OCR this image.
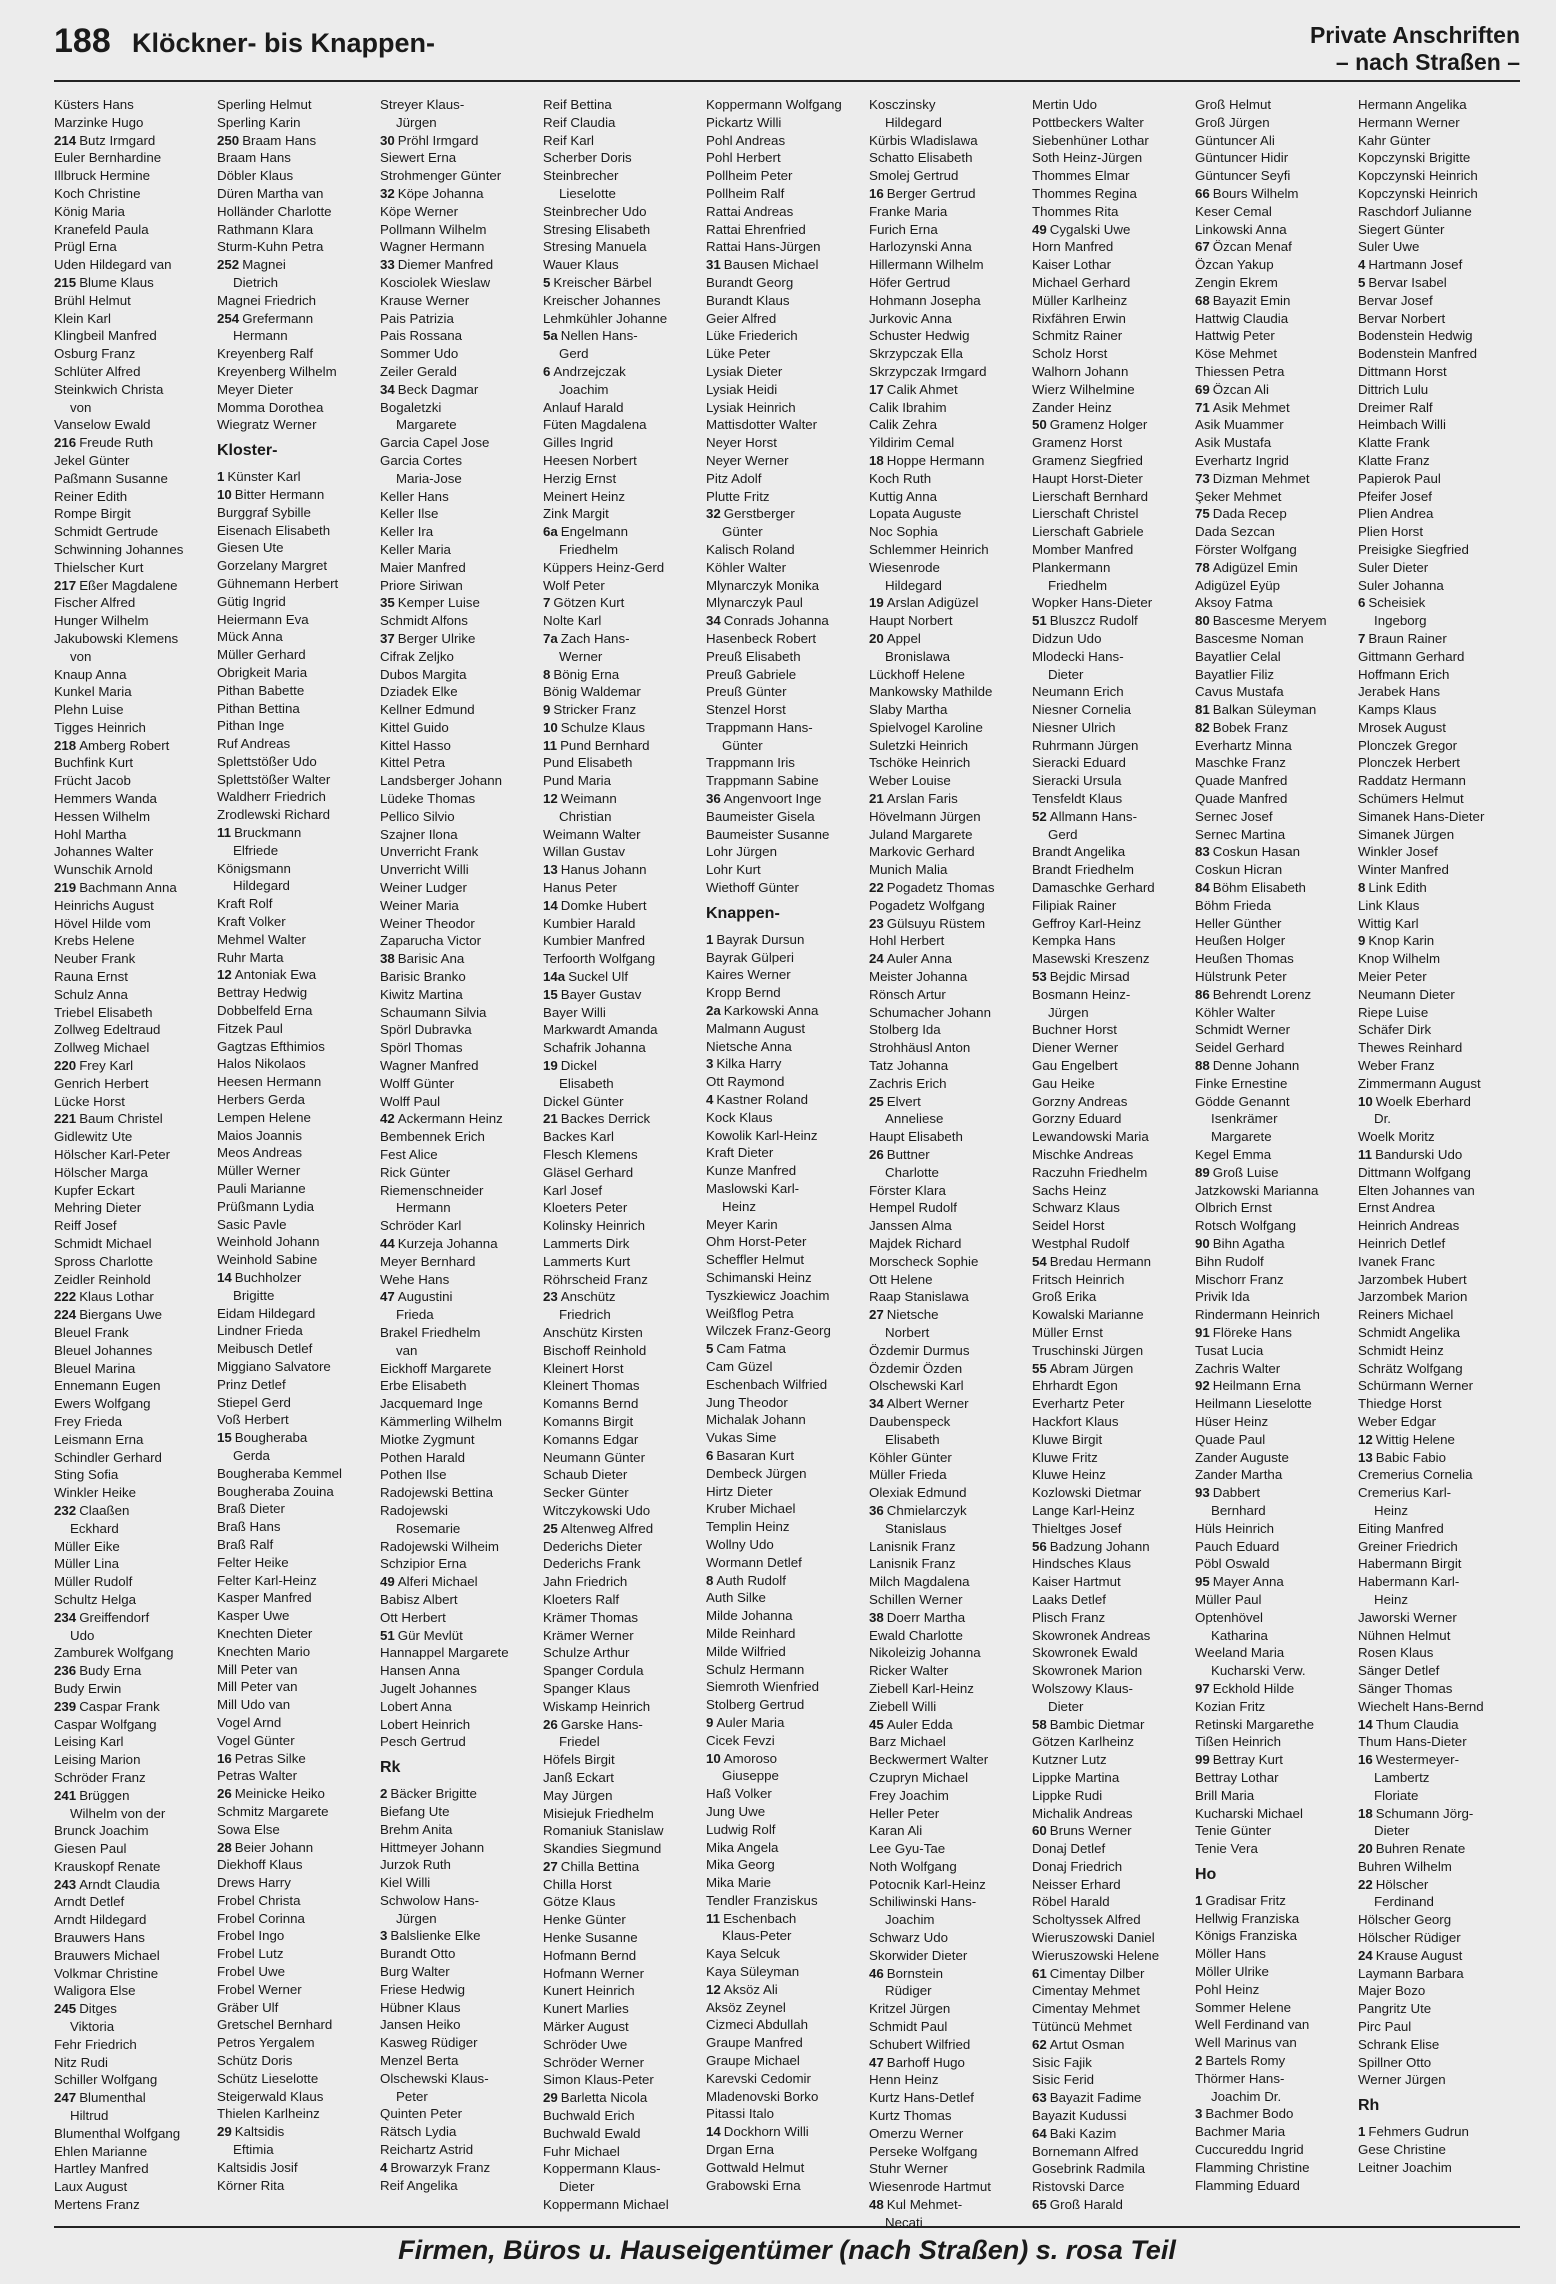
188 Klöckner- bis Knappen-	Private Anschriften
– nach Straßen –
Küsters Hans
Marzinke Hugo
214 Butz Irmgard
Euler Bernhardine
Illbruck Hermine
Koch Christine
König Maria
Kranefeld Paula
Prügl Erna
Uden Hildegard van
215 Blume Klaus
Brühl Helmut
Klein Karl
Klingbeil Manfred
Osburg Franz
Schlüter Alfred
Steinkwich Christa
von
Vanselow Ewald
216 Freude Ruth
Jekel Günter
Paßmann Susanne
Reiner Edith
Rompe Birgit
Schmidt Gertrude
Schwinning Johannes
Thielscher Kurt
217 Eßer Magdalene
Fischer Alfred
Hunger Wilhelm
Jakubowski Klemens
von
Knaup Anna
Kunkel Maria
Plehn Luise
Tigges Heinrich
218 Amberg Robert
Buchfink Kurt
Frücht Jacob
Hemmers Wanda
Hessen Wilhelm
Hohl Martha
Johannes Walter
Wunschik Arnold
219 Bachmann Anna
Heinrichs August
Hövel Hilde vom
Krebs Helene
Neuber Frank
Rauna Ernst
Schulz Anna
Triebel Elisabeth
Zollweg Edeltraud
Zollweg Michael
220 Frey Karl
Genrich Herbert
Lücke Horst
221 Baum Christel
Gidlewitz Ute
Hölscher Karl-Peter
Hölscher Marga
Kupfer Eckart
Mehring Dieter
Reiff Josef
Schmidt Michael
Spross Charlotte
Zeidler Reinhold
222 Klaus Lothar
224 Biergans Uwe
Bleuel Frank
Bleuel Johannes
Bleuel Marina
Ennemann Eugen
Ewers Wolfgang
Frey Frieda
Leismann Erna
Schindler Gerhard
Sting Sofia
Winkler Heike
232 Claaßen
Eckhard
Müller Eike
Müller Lina
Müller Rudolf
Schultz Helga
234 Greiffendorf
Udo
Zamburek Wolfgang
236 Budy Erna
Budy Erwin
239 Caspar Frank
Caspar Wolfgang
Leising Karl
Leising Marion
Schröder Franz
241 Brüggen
Wilhelm von der
Brunck Joachim
Giesen Paul
Krauskopf Renate
243 Arndt Claudia
Arndt Detlef
Arndt Hildegard
Brauwers Hans
Brauwers Michael
Volkmar Christine
Waligora Else
245 Ditges
Viktoria
Fehr Friedrich
Nitz Rudi
Schiller Wolfgang
247 Blumenthal
Hiltrud
Blumenthal Wolfgang
Ehlen Marianne
Hartley Manfred
Laux August
Mertens Franz
Sperling Helmut
Sperling Karin
250 Braam Hans
Braam Hans
Döbler Klaus
Düren Martha van
Holländer Charlotte
Rathmann Klara
Sturm-Kuhn Petra
252 Magnei
Dietrich
Magnei Friedrich
254 Grefermann
Hermann
Kreyenberg Ralf
Kreyenberg Wilhelm
Meyer Dieter
Momma Dorothea
Wiegratz Werner
Kloster-
1 Künster Karl
10 Bitter Hermann
Burggraf Sybille
Eisenach Elisabeth
Giesen Ute
Gorzelany Margret
Gühnemann Herbert
Gütig Ingrid
Heiermann Eva
Mück Anna
Müller Gerhard
Obrigkeit Maria
Pithan Babette
Pithan Bettina
Pithan Inge
Ruf Andreas
Splettstößer Udo
Splettstößer Walter
Waldherr Friedrich
Zrodlewski Richard
11 Bruckmann
Elfriede
Königsmann
Hildegard
Kraft Rolf
Kraft Volker
Mehmel Walter
Ruhr Marta
12 Antoniak Ewa
Bettray Hedwig
Dobbelfeld Erna
Fitzek Paul
Gagtzas Efthimios
Halos Nikolaos
Heesen Hermann
Herbers Gerda
Lempen Helene
Maios Joannis
Meos Andreas
Müller Werner
Pauli Marianne
Prüßmann Lydia
Sasic Pavle
Weinhold Johann
Weinhold Sabine
14 Buchholzer
Brigitte
Eidam Hildegard
Lindner Frieda
Meibusch Detlef
Miggiano Salvatore
Prinz Detlef
Stiepel Gerd
Voß Herbert
15 Bougheraba
Gerda
Bougheraba Kemmel
Bougheraba Zouina
Braß Dieter
Braß Hans
Braß Ralf
Felter Heike
Felter Karl-Heinz
Kasper Manfred
Kasper Uwe
Knechten Dieter
Knechten Mario
Mill Peter van
Mill Peter van
Mill Udo van
Vogel Arnd
Vogel Günter
16 Petras Silke
Petras Walter
26 Meinicke Heiko
Schmitz Margarete
Sowa Else
28 Beier Johann
Diekhoff Klaus
Drews Harry
Frobel Christa
Frobel Corinna
Frobel Ingo
Frobel Lutz
Frobel Uwe
Frobel Werner
Gräber Ulf
Gretschel Bernhard
Petros Yergalem
Schütz Doris
Schütz Lieselotte
Steigerwald Klaus
Thielen Karlheinz
29 Kaltsidis
Eftimia
Kaltsidis Josif
Körner Rita
Streyer Klaus-
Jürgen
30 Pröhl Irmgard
Siewert Erna
Strohmenger Günter
32 Köpe Johanna
Köpe Werner
Pollmann Wilhelm
Wagner Hermann
33 Diemer Manfred
Kosciolek Wieslaw
Krause Werner
Pais Patrizia
Pais Rossana
Sommer Udo
Zeiler Gerald
34 Beck Dagmar
Bogaletzki
Margarete
Garcia Capel Jose
Garcia Cortes
Maria-Jose
Keller Hans
Keller Ilse
Keller Ira
Keller Maria
Maier Manfred
Priore Siriwan
35 Kemper Luise
Schmidt Alfons
37 Berger Ulrike
Cifrak Zeljko
Dubos Margita
Dziadek Elke
Kellner Edmund
Kittel Guido
Kittel Hasso
Kittel Petra
Landsberger Johann
Lüdeke Thomas
Pellico Silvio
Szajner Ilona
Unverricht Frank
Unverricht Willi
Weiner Ludger
Weiner Maria
Weiner Theodor
Zaparucha Victor
38 Barisic Ana
Barisic Branko
Kiwitz Martina
Schaumann Silvia
Spörl Dubravka
Spörl Thomas
Wagner Manfred
Wolff Günter
Wolff Paul
42 Ackermann Heinz
Bembennek Erich
Fest Alice
Rick Günter
Riemenschneider
Hermann
Schröder Karl
44 Kurzeja Johanna
Meyer Bernhard
Wehe Hans
47 Augustini
Frieda
Brakel Friedhelm
van
Eickhoff Margarete
Erbe Elisabeth
Jacquemard Inge
Kämmerling Wilhelm
Miotke Zygmunt
Pothen Harald
Pothen Ilse
Radojewski Bettina
Radojewski
Rosemarie
Radojewski Wilheim
Schzipior Erna
49 Alferi Michael
Babisz Albert
Ott Herbert
51 Gür Mevlüt
Hannappel Margarete
Hansen Anna
Jugelt Johannes
Lobert Anna
Lobert Heinrich
Pesch Gertrud
Rk
2 Bäcker Brigitte
Biefang Ute
Brehm Anita
Hittmeyer Johann
Jurzok Ruth
Kiel Willi
Schwolow Hans-
Jürgen
3 Balslienke Elke
Burandt Otto
Burg Walter
Friese Hedwig
Hübner Klaus
Jansen Heiko
Kasweg Rüdiger
Menzel Berta
Olschewski Klaus-
Peter
Quinten Peter
Rätsch Lydia
Reichartz Astrid
4 Browarzyk Franz
Reif Angelika
Reif Bettina
Reif Claudia
Reif Karl
Scherber Doris
Steinbrecher
Lieselotte
Steinbrecher Udo
Stresing Elisabeth
Stresing Manuela
Wauer Klaus
5 Kreischer Bärbel
Kreischer Johannes
Lehmkühler Johanne
5a Nellen Hans-
Gerd
6 Andrzejczak
Joachim
Anlauf Harald
Füten Magdalena
Gilles Ingrid
Heesen Norbert
Herzig Ernst
Meinert Heinz
Zink Margit
6a Engelmann
Friedhelm
Küppers Heinz-Gerd
Wolf Peter
7 Götzen Kurt
Nolte Karl
7a Zach Hans-
Werner
8 Bönig Erna
Bönig Waldemar
9 Stricker Franz
10 Schulze Klaus
11 Pund Bernhard
Pund Elisabeth
Pund Maria
12 Weimann
Christian
Weimann Walter
Willan Gustav
13 Hanus Johann
Hanus Peter
14 Domke Hubert
Kumbier Harald
Kumbier Manfred
Terfoorth Wolfgang
14a Suckel Ulf
15 Bayer Gustav
Bayer Willi
Markwardt Amanda
Schafrik Johanna
19 Dickel
Elisabeth
Dickel Günter
21 Backes Derrick
Backes Karl
Flesch Klemens
Gläsel Gerhard
Karl Josef
Kloeters Peter
Kolinsky Heinrich
Lammerts Dirk
Lammerts Kurt
Röhrscheid Franz
23 Anschütz
Friedrich
Anschütz Kirsten
Bischoff Reinhold
Kleinert Horst
Kleinert Thomas
Komanns Bernd
Komanns Birgit
Komanns Edgar
Neumann Günter
Schaub Dieter
Secker Günter
Witczykowski Udo
25 Altenweg Alfred
Dederichs Dieter
Dederichs Frank
Jahn Friedrich
Kloeters Ralf
Krämer Thomas
Krämer Werner
Schulze Arthur
Spanger Cordula
Spanger Klaus
Wiskamp Heinrich
26 Garske Hans-
Friedel
Höfels Birgit
Janß Eckart
May Jürgen
Misiejuk Friedhelm
Romaniuk Stanislaw
Skandies Siegmund
27 Chilla Bettina
Chilla Horst
Götze Klaus
Henke Günter
Henke Susanne
Hofmann Bernd
Hofmann Werner
Kunert Heinrich
Kunert Marlies
Märker August
Schröder Uwe
Schröder Werner
Simon Klaus-Peter
29 Barletta Nicola
Buchwald Erich
Buchwald Ewald
Fuhr Michael
Koppermann Klaus-
Dieter
Koppermann Michael
Koppermann Wolfgang
Pickartz Willi
Pohl Andreas
Pohl Herbert
Pollheim Peter
Pollheim Ralf
Rattai Andreas
Rattai Ehrenfried
Rattai Hans-Jürgen
31 Bausen Michael
Burandt Georg
Burandt Klaus
Geier Alfred
Lüke Friederich
Lüke Peter
Lysiak Dieter
Lysiak Heidi
Lysiak Heinrich
Mattisdotter Walter
Neyer Horst
Neyer Werner
Pitz Adolf
Plutte Fritz
32 Gerstberger
Günter
Kalisch Roland
Köhler Walter
Mlynarczyk Monika
Mlynarczyk Paul
34 Conrads Johanna
Hasenbeck Robert
Preuß Elisabeth
Preuß Gabriele
Preuß Günter
Stenzel Horst
Trappmann Hans-
Günter
Trappmann Iris
Trappmann Sabine
36 Angenvoort Inge
Baumeister Gisela
Baumeister Susanne
Lohr Jürgen
Lohr Kurt
Wiethoff Günter
Knappen-
1 Bayrak Dursun
Bayrak Gülperi
Kaires Werner
Kropp Bernd
2a Karkowski Anna
Malmann August
Nietsche Anna
3 Kilka Harry
Ott Raymond
4 Kastner Roland
Kock Klaus
Kowolik Karl-Heinz
Kraft Dieter
Kunze Manfred
Maslowski Karl-
Heinz
Meyer Karin
Ohm Horst-Peter
Scheffler Helmut
Schimanski Heinz
Tyszkiewicz Joachim
Weißflog Petra
Wilczek Franz-Georg
5 Cam Fatma
Cam Güzel
Eschenbach Wilfried
Jung Theodor
Michalak Johann
Vukas Sime
6 Basaran Kurt
Dembeck Jürgen
Hirtz Dieter
Kruber Michael
Templin Heinz
Wollny Udo
Wormann Detlef
8 Auth Rudolf
Auth Silke
Milde Johanna
Milde Reinhard
Milde Wilfried
Schulz Hermann
Siemroth Wienfried
Stolberg Gertrud
9 Auler Maria
Cicek Fevzi
10 Amoroso
Giuseppe
Haß Volker
Jung Uwe
Ludwig Rolf
Mika Angela
Mika Georg
Mika Marie
Tendler Franziskus
11 Eschenbach
Klaus-Peter
Kaya Selcuk
Kaya Süleyman
12 Aksöz Ali
Aksöz Zeynel
Cizmeci Abdullah
Graupe Manfred
Graupe Michael
Karevski Cedomir
Mladenovski Borko
Pitassi Italo
14 Dockhorn Willi
Drgan Erna
Gottwald Helmut
Grabowski Erna
Kosczinsky
Hildegard
Kürbis Wladislawa
Schatto Elisabeth
Smolej Gertrud
16 Berger Gertrud
Franke Maria
Furich Erna
Harlozynski Anna
Hillermann Wilhelm
Höfer Gertrud
Hohmann Josepha
Jurkovic Anna
Schuster Hedwig
Skrzypczak Ella
Skrzypczak Irmgard
17 Calik Ahmet
Calik Ibrahim
Calik Zehra
Yildirim Cemal
18 Hoppe Hermann
Koch Ruth
Kuttig Anna
Lopata Auguste
Noc Sophia
Schlemmer Heinrich
Wiesenrode
Hildegard
19 Arslan Adigüzel
Haupt Norbert
20 Appel
Bronislawa
Lückhoff Helene
Mankowsky Mathilde
Slaby Martha
Spielvogel Karoline
Suletzki Heinrich
Tschöke Heinrich
Weber Louise
21 Arslan Faris
Hövelmann Jürgen
Juland Margarete
Markovic Gerhard
Munich Malia
22 Pogadetz Thomas
Pogadetz Wolfgang
23 Gülsuyu Rüstem
Hohl Herbert
24 Auler Anna
Meister Johanna
Rönsch Artur
Schumacher Johann
Stolberg Ida
Strohhäusl Anton
Tatz Johanna
Zachris Erich
25 Elvert
Anneliese
Haupt Elisabeth
26 Buttner
Charlotte
Förster Klara
Hempel Rudolf
Janssen Alma
Majdek Richard
Morscheck Sophie
Ott Helene
Raap Stanislawa
27 Nietsche
Norbert
Özdemir Durmus
Özdemir Özden
Olschewski Karl
34 Albert Werner
Daubenspeck
Elisabeth
Köhler Günter
Müller Frieda
Olexiak Edmund
36 Chmielarczyk
Stanislaus
Lanisnik Franz
Lanisnik Franz
Milch Magdalena
Schillen Werner
38 Doerr Martha
Ewald Charlotte
Nikoleizig Johanna
Ricker Walter
Ziebell Karl-Heinz
Ziebell Willi
45 Auler Edda
Barz Michael
Beckwermert Walter
Czupryn Michael
Frey Joachim
Heller Peter
Karan Ali
Lee Gyu-Tae
Noth Wolfgang
Potocnik Karl-Heinz
Schiliwinski Hans-
Joachim
Schwarz Udo
Skorwider Dieter
46 Bornstein
Rüdiger
Kritzel Jürgen
Schmidt Paul
Schubert Wilfried
47 Barhoff Hugo
Henn Heinz
Kurtz Hans-Detlef
Kurtz Thomas
Omerzu Werner
Perseke Wolfgang
Stuhr Werner
Wiesenrode Hartmut
48 Kul Mehmet-
Necati
Mertin Udo
Pottbeckers Walter
Siebenhüner Lothar
Soth Heinz-Jürgen
Thommes Elmar
Thommes Regina
Thommes Rita
49 Cygalski Uwe
Horn Manfred
Kaiser Lothar
Michael Gerhard
Müller Karlheinz
Rixfähren Erwin
Schmitz Rainer
Scholz Horst
Walhorn Johann
Wierz Wilhelmine
Zander Heinz
50 Gramenz Holger
Gramenz Horst
Gramenz Siegfried
Haupt Horst-Dieter
Lierschaft Bernhard
Lierschaft Christel
Lierschaft Gabriele
Momber Manfred
Plankermann
Friedhelm
Wopker Hans-Dieter
51 Bluszcz Rudolf
Didzun Udo
Mlodecki Hans-
Dieter
Neumann Erich
Niesner Cornelia
Niesner Ulrich
Ruhrmann Jürgen
Sieracki Eduard
Sieracki Ursula
Tensfeldt Klaus
52 Allmann Hans-
Gerd
Brandt Angelika
Brandt Friedhelm
Damaschke Gerhard
Filipiak Rainer
Geffroy Karl-Heinz
Kempka Hans
Masewski Kreszenz
53 Bejdic Mirsad
Bosmann Heinz-
Jürgen
Buchner Horst
Diener Werner
Gau Engelbert
Gau Heike
Gorzny Andreas
Gorzny Eduard
Lewandowski Maria
Mischke Andreas
Raczuhn Friedhelm
Sachs Heinz
Schwarz Klaus
Seidel Horst
Westphal Rudolf
54 Bredau Hermann
Fritsch Heinrich
Groß Erika
Kowalski Marianne
Müller Ernst
Truschinski Jürgen
55 Abram Jürgen
Ehrhardt Egon
Everhartz Peter
Hackfort Klaus
Kluwe Birgit
Kluwe Fritz
Kluwe Heinz
Kozlowski Dietmar
Lange Karl-Heinz
Thieltges Josef
56 Badzung Johann
Hindsches Klaus
Kaiser Hartmut
Laaks Detlef
Plisch Franz
Skowronek Andreas
Skowronek Ewald
Skowronek Marion
Wolszowy Klaus-
Dieter
58 Bambic Dietmar
Götzen Karlheinz
Kutzner Lutz
Lippke Martina
Lippke Rudi
Michalik Andreas
60 Bruns Werner
Donaj Detlef
Donaj Friedrich
Neisser Erhard
Röbel Harald
Scholtyssek Alfred
Wieruszowski Daniel
Wieruszowski Helene
61 Cimentay Dilber
Cimentay Mehmet
Cimentay Mehmet
Tütüncü Mehmet
62 Artut Osman
Sisic Fajik
Sisic Ferid
63 Bayazit Fadime
Bayazit Kudussi
64 Baki Kazim
Bornemann Alfred
Gosebrink Radmila
Ristovski Darce
65 Groß Harald
Groß Helmut
Groß Jürgen
Güntuncer Ali
Güntuncer Hidir
Güntuncer Seyfi
66 Bours Wilhelm
Keser Cemal
Linkowski Anna
67 Özcan Menaf
Özcan Yakup
Zengin Ekrem
68 Bayazit Emin
Hattwig Claudia
Hattwig Peter
Köse Mehmet
Thiessen Petra
69 Özcan Ali
71 Asik Mehmet
Asik Muammer
Asik Mustafa
Everhartz Ingrid
73 Dizman Mehmet
Şeker Mehmet
75 Dada Recep
Dada Sezcan
Förster Wolfgang
78 Adigüzel Emin
Adigüzel Eyüp
Aksoy Fatma
80 Bascesme Meryem
Bascesme Noman
Bayatlier Celal
Bayatlier Filiz
Cavus Mustafa
81 Balkan Süleyman
82 Bobek Franz
Everhartz Minna
Maschke Franz
Quade Manfred
Quade Manfred
Sernec Josef
Sernec Martina
83 Coskun Hasan
Coskun Hicran
84 Böhm Elisabeth
Böhm Frieda
Heller Günther
Heußen Holger
Heußen Thomas
Hülstrunk Peter
86 Behrendt Lorenz
Köhler Walter
Schmidt Werner
Seidel Gerhard
88 Denne Johann
Finke Ernestine
Gödde Genannt
Isenkrämer
Margarete
Kegel Emma
89 Groß Luise
Jatzkowski Marianna
Olbrich Ernst
Rotsch Wolfgang
90 Bihn Agatha
Bihn Rudolf
Mischorr Franz
Privik Ida
Rindermann Heinrich
91 Flöreke Hans
Tusat Lucia
Zachris Walter
92 Heilmann Erna
Heilmann Lieselotte
Hüser Heinz
Quade Paul
Zander Auguste
Zander Martha
93 Dabbert
Bernhard
Hüls Heinrich
Pauch Eduard
Pöbl Oswald
95 Mayer Anna
Müller Paul
Optenhövel
Katharina
Weeland Maria
Kucharski Verw.
97 Eckhold Hilde
Kozian Fritz
Retinski Margarethe
Tißen Heinrich
99 Bettray Kurt
Bettray Lothar
Brill Maria
Kucharski Michael
Tenie Günter
Tenie Vera
Ho
1 Gradisar Fritz
Hellwig Franziska
Königs Franziska
Möller Hans
Möller Ulrike
Pohl Heinz
Sommer Helene
Well Ferdinand van
Well Marinus van
2 Bartels Romy
Thörmer Hans-
Joachim Dr.
3 Bachmer Bodo
Bachmer Maria
Cuccureddu Ingrid
Flamming Christine
Flamming Eduard
Hermann Angelika
Hermann Werner
Kahr Günter
Kopczynski Brigitte
Kopczynski Heinrich
Kopczynski Heinrich
Raschdorf Julianne
Siegert Günter
Suler Uwe
4 Hartmann Josef
5 Bervar Isabel
Bervar Josef
Bervar Norbert
Bodenstein Hedwig
Bodenstein Manfred
Dittmann Horst
Dittrich Lulu
Dreimer Ralf
Heimbach Willi
Klatte Frank
Klatte Franz
Papierok Paul
Pfeifer Josef
Plien Andrea
Plien Horst
Preisigke Siegfried
Suler Dieter
Suler Johanna
6 Scheisiek
Ingeborg
7 Braun Rainer
Gittmann Gerhard
Hoffmann Erich
Jerabek Hans
Kamps Klaus
Mrosek August
Plonczek Gregor
Plonczek Herbert
Raddatz Hermann
Schümers Helmut
Simanek Hans-Dieter
Simanek Jürgen
Winkler Josef
Winter Manfred
8 Link Edith
Link Klaus
Wittig Karl
9 Knop Karin
Knop Wilhelm
Meier Peter
Neumann Dieter
Riepe Luise
Schäfer Dirk
Thewes Reinhard
Weber Franz
Zimmermann August
10 Woelk Eberhard
Dr.
Woelk Moritz
11 Bandurski Udo
Dittmann Wolfgang
Elten Johannes van
Ernst Andrea
Heinrich Andreas
Heinrich Detlef
Ivanek Franc
Jarzombek Hubert
Jarzombek Marion
Reiners Michael
Schmidt Angelika
Schmidt Heinz
Schrätz Wolfgang
Schürmann Werner
Thiedge Horst
Weber Edgar
12 Wittig Helene
13 Babic Fabio
Cremerius Cornelia
Cremerius Karl-
Heinz
Eiting Manfred
Greiner Friedrich
Habermann Birgit
Habermann Karl-
Heinz
Jaworski Werner
Nühnen Helmut
Rosen Klaus
Sänger Detlef
Sänger Thomas
Wiechelt Hans-Bernd
14 Thum Claudia
Thum Hans-Dieter
16 Westermeyer-
Lambertz
Floriate
18 Schumann Jörg-
Dieter
20 Buhren Renate
Buhren Wilhelm
22 Hölscher
Ferdinand
Hölscher Georg
Hölscher Rüdiger
24 Krause August
Laymann Barbara
Majer Bozo
Pangritz Ute
Pirc Paul
Schrank Elise
Spillner Otto
Werner Jürgen
Rh
1 Fehmers Gudrun
Gese Christine
Leitner Joachim
Firmen, Büros u. Hauseigentümer (nach Straßen) s. rosa Teil
